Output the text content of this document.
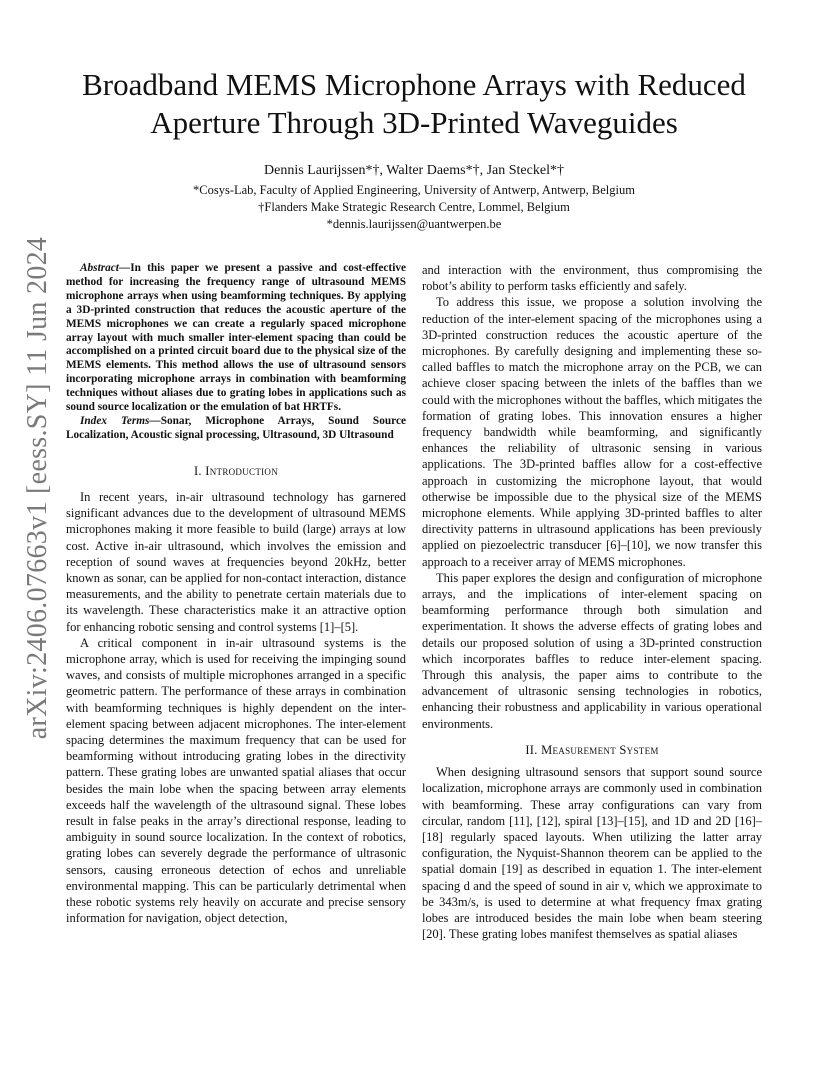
arXiv:2406.07663v1 [eess.SY] 11 Jun 2024
Broadband MEMS Microphone Arrays with Reduced Aperture Through 3D-Printed Waveguides
Dennis Laurijssen*†, Walter Daems*†, Jan Steckel*†
*Cosys-Lab, Faculty of Applied Engineering, University of Antwerp, Antwerp, Belgium
†Flanders Make Strategic Research Centre, Lommel, Belgium
*dennis.laurijssen@uantwerpen.be

Abstract—In this paper we present a passive and cost-effective method for increasing the frequency range of ultrasound MEMS microphone arrays when using beamforming techniques. By applying a 3D-printed construction that reduces the acoustic aperture of the MEMS microphones we can create a regularly spaced microphone array layout with much smaller inter-element spacing than could be accomplished on a printed circuit board due to the physical size of the MEMS elements. This method allows the use of ultrasound sensors incorporating microphone arrays in combination with beamforming techniques without aliases due to grating lobes in applications such as sound source localization or the emulation of bat HRTFs.

Index Terms—Sonar, Microphone Arrays, Sound Source Localization, Acoustic signal processing, Ultrasound, 3D Ultrasound

I. Introduction

In recent years, in-air ultrasound technology has garnered significant advances due to the development of ultrasound MEMS microphones making it more feasible to build (large) arrays at low cost. Active in-air ultrasound, which involves the emission and reception of sound waves at frequencies beyond 20kHz, better known as sonar, can be applied for non-contact interaction, distance measurements, and the ability to penetrate certain materials due to its wavelength. These characteristics make it an attractive option for enhancing robotic sensing and control systems [1]–[5].

A critical component in in-air ultrasound systems is the microphone array, which is used for receiving the impinging sound waves, and consists of multiple microphones arranged in a specific geometric pattern. The performance of these arrays in combination with beamforming techniques is highly dependent on the inter-element spacing between adjacent microphones. The inter-element spacing determines the maximum frequency that can be used for beamforming without introducing grating lobes in the directivity pattern. These grating lobes are unwanted spatial aliases that occur besides the main lobe when the spacing between array elements exceeds half the wavelength of the ultrasound signal. These lobes result in false peaks in the array’s directional response, leading to ambiguity in sound source localization. In the context of robotics, grating lobes can severely degrade the performance of ultrasonic sensors, causing erroneous detection of echos and unreliable environmental mapping. This can be particularly detrimental when these robotic systems rely heavily on accurate and precise sensory information for navigation, object detection,

and interaction with the environment, thus compromising the robot’s ability to perform tasks efficiently and safely.

To address this issue, we propose a solution involving the reduction of the inter-element spacing of the microphones using a 3D-printed construction reduces the acoustic aperture of the microphones. By carefully designing and implementing these so-called baffles to match the microphone array on the PCB, we can achieve closer spacing between the inlets of the baffles than we could with the microphones without the baffles, which mitigates the formation of grating lobes. This innovation ensures a higher frequency bandwidth while beamforming, and significantly enhances the reliability of ultrasonic sensing in various applications. The 3D-printed baffles allow for a cost-effective approach in customizing the microphone layout, that would otherwise be impossible due to the physical size of the MEMS microphone elements. While applying 3D-printed baffles to alter directivity patterns in ultrasound applications has been previously applied on piezoelectric transducer [6]–[10], we now transfer this approach to a receiver array of MEMS microphones.

This paper explores the design and configuration of microphone arrays, and the implications of inter-element spacing on beamforming performance through both simulation and experimentation. It shows the adverse effects of grating lobes and details our proposed solution of using a 3D-printed construction which incorporates baffles to reduce inter-element spacing. Through this analysis, the paper aims to contribute to the advancement of ultrasonic sensing technologies in robotics, enhancing their robustness and applicability in various operational environments.

II. Measurement System

When designing ultrasound sensors that support sound source localization, microphone arrays are commonly used in combination with beamforming. These array configurations can vary from circular, random [11], [12], spiral [13]–[15], and 1D and 2D [16]–[18] regularly spaced layouts. When utilizing the latter array configuration, the Nyquist-Shannon theorem can be applied to the spatial domain [19] as described in equation 1. The inter-element spacing d and the speed of sound in air v, which we approximate to be 343m/s, is used to determine at what frequency fmax grating lobes are introduced besides the main lobe when beam steering [20]. These grating lobes manifest themselves as spatial aliases
